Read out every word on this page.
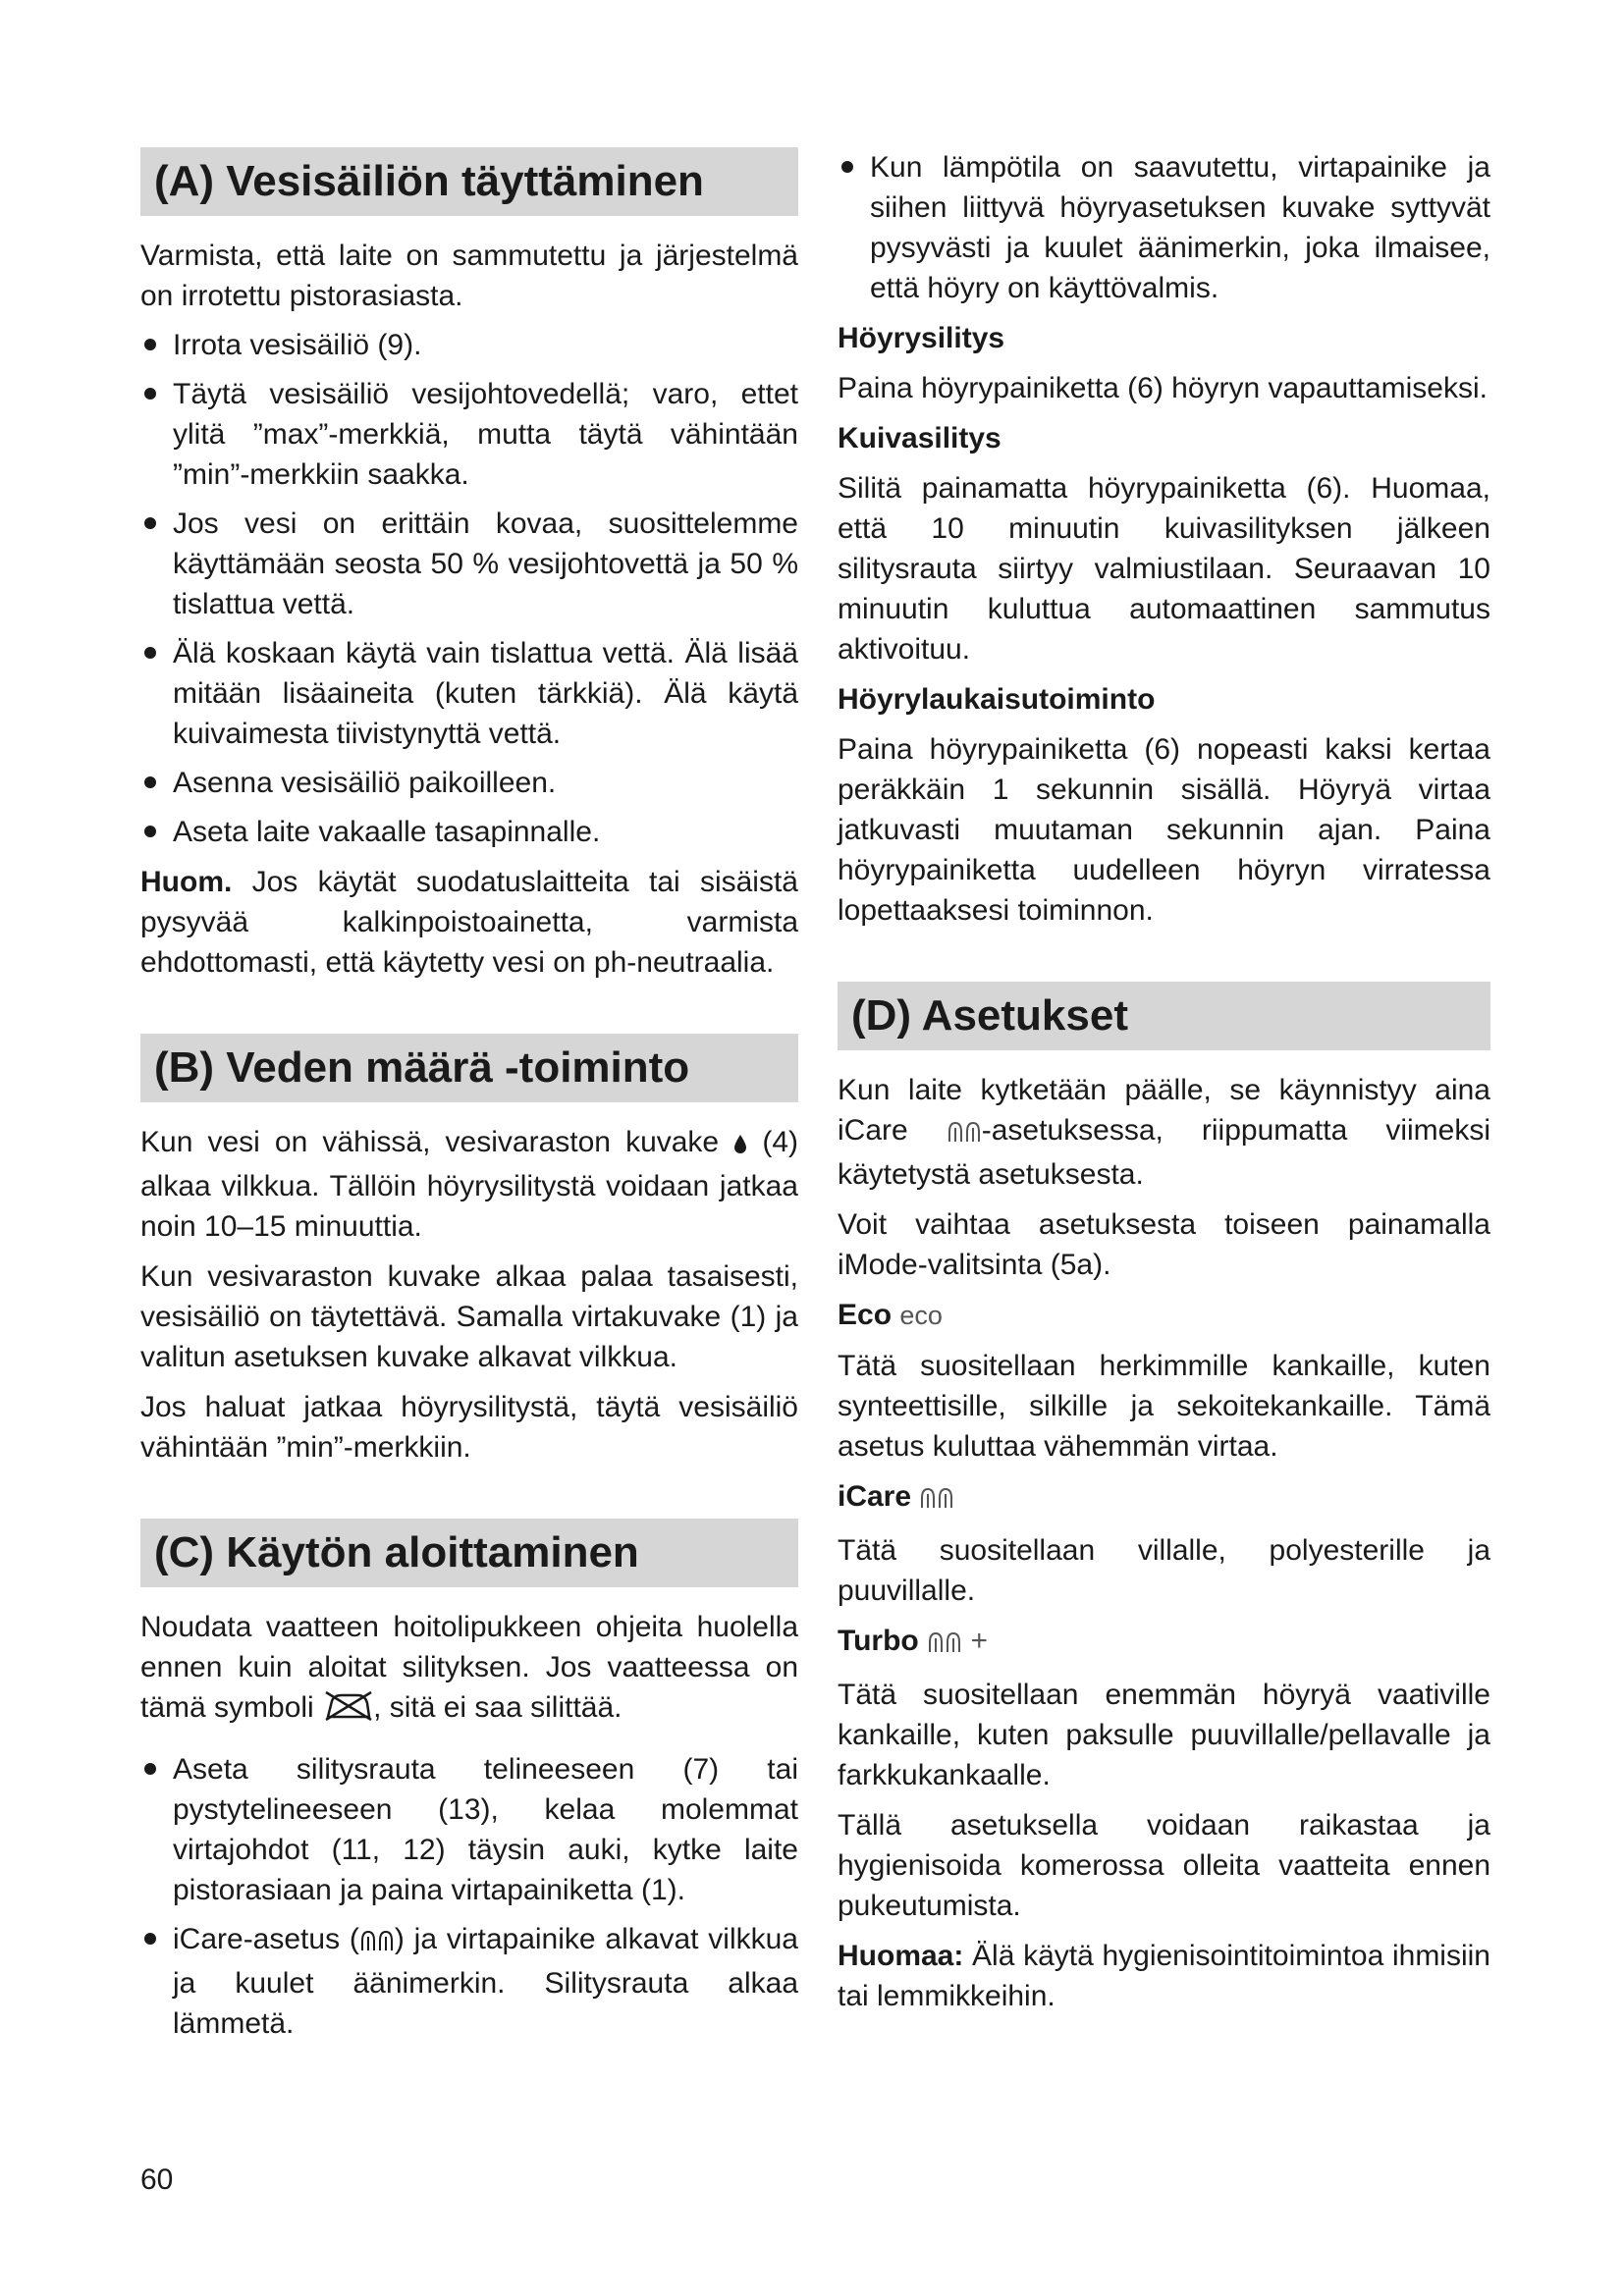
(A) Vesisäiliön täyttäminen

Varmista, että laite on sammutettu ja järjestelmä on irrotettu pistorasiasta.

Irrota vesisäiliö (9).
Täytä vesisäiliö vesijohtovedellä; varo, ettet ylitä ”max”-merkkiä, mutta täytä vähintään ”min”-merkkiin saakka.
Jos vesi on erittäin kovaa, suosittelemme käyttämään seosta 50 % vesijohtovettä ja 50 % tislattua vettä.
Älä koskaan käytä vain tislattua vettä. Älä lisää mitään lisäaineita (kuten tärkkiä). Älä käytä kuivaimesta tiivistynyttä vettä.
Asenna vesisäiliö paikoilleen.
Aseta laite vakaalle tasapinnalle.

Huom. Jos käytät suodatuslaitteita tai sisäistä pysyvää kalkinpoistoainetta, varmista ehdottomasti, että käytetty vesi on ph-neutraalia.

(B) Veden määrä -toiminto

Kun vesi on vähissä, vesivaraston kuvake  (4) alkaa vilkkua. Tällöin höyrysilitystä voidaan jatkaa noin 10–15 minuuttia.

Kun vesivaraston kuvake alkaa palaa tasaisesti, vesisäiliö on täytettävä. Samalla virtakuvake (1) ja valitun asetuksen kuvake alkavat vilkkua.

Jos haluat jatkaa höyrysilitystä, täytä vesisäiliö vähintään ”min”-merkkiin.

(C) Käytön aloittaminen

Noudata vaatteen hoitolipukkeen ohjeita huolella ennen kuin aloitat silityksen. Jos vaatteessa on tämä symboli , sitä ei saa silittää.

Aseta silitysrauta telineeseen (7) tai pystytelineeseen (13), kelaa molemmat virtajohdot (11, 12) täysin auki, kytke laite pistorasiaan ja paina virtapainiketta (1).
iCare-asetus ( ) ja virtapainike alkavat vilkkua ja kuulet äänimerkin. Silitysrauta alkaa lämmetä.
Kun lämpötila on saavutettu, virtapainike ja siihen liittyvä höyryasetuksen kuvake syttyvät pysyvästi ja kuulet äänimerkin, joka ilmaisee, että höyry on käyttövalmis.
Höyrysilitys

Paina höyrypainiketta (6) höyryn vapauttamiseksi.

Kuivasilitys

Silitä painamatta höyrypainiketta (6). Huomaa, että 10 minuutin kuivasilityksen jälkeen silitysrauta siirtyy valmiustilaan. Seuraavan 10 minuutin kuluttua automaattinen sammutus aktivoituu.

Höyrylaukaisutoiminto

Paina höyrypainiketta (6) nopeasti kaksi kertaa peräkkäin 1 sekunnin sisällä. Höyryä virtaa jatkuvasti muutaman sekunnin ajan. Paina höyrypainiketta uudelleen höyryn virratessa lopettaaksesi toiminnon.

(D) Asetukset

Kun laite kytketään päälle, se käynnistyy aina iCare -asetuksessa, riippumatta viimeksi käytetystä asetuksesta.

Voit vaihtaa asetuksesta toiseen painamalla iMode-valitsinta (5a).

Eco eco

Tätä suositellaan herkimmille kankaille, kuten synteettisille, silkille ja sekoitekankaille. Tämä asetus kuluttaa vähemmän virtaa.

iCare

Tätä suositellaan villalle, polyesterille ja puuvillalle.

Turbo +

Tätä suositellaan enemmän höyryä vaativille kankaille, kuten paksulle puuvillalle/pellavalle ja farkkukankaalle.

Tällä asetuksella voidaan raikastaa ja hygienisoida komerossa olleita vaatteita ennen pukeutumista.

Huomaa: Älä käytä hygienisointitoimintoa ihmisiin tai lemmikkeihin.

60
